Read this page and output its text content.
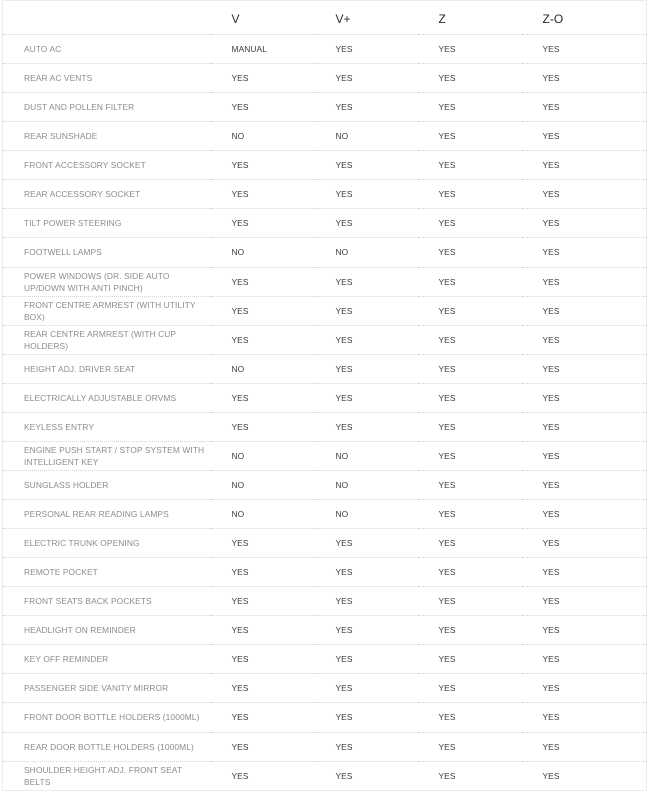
	V	V+	Z	Z-O
AUTO AC	MANUAL	YES	YES	YES
REAR AC VENTS	YES	YES	YES	YES
DUST AND POLLEN FILTER	YES	YES	YES	YES
REAR SUNSHADE	NO	NO	YES	YES
FRONT ACCESSORY SOCKET	YES	YES	YES	YES
REAR ACCESSORY SOCKET	YES	YES	YES	YES
TILT POWER STEERING	YES	YES	YES	YES
FOOTWELL LAMPS	NO	NO	YES	YES
POWER WINDOWS (DR. SIDE AUTO UP/DOWN WITH ANTI PINCH)	YES	YES	YES	YES
FRONT CENTRE ARMREST (WITH UTILITY BOX)	YES	YES	YES	YES
REAR CENTRE ARMREST (WITH CUP HOLDERS)	YES	YES	YES	YES
HEIGHT ADJ. DRIVER SEAT	NO	YES	YES	YES
ELECTRICALLY ADJUSTABLE ORVMS	YES	YES	YES	YES
KEYLESS ENTRY	YES	YES	YES	YES
ENGINE PUSH START / STOP SYSTEM WITH INTELLIGENT KEY	NO	NO	YES	YES
SUNGLASS HOLDER	NO	NO	YES	YES
PERSONAL REAR READING LAMPS	NO	NO	YES	YES
ELECTRIC TRUNK OPENING	YES	YES	YES	YES
REMOTE POCKET	YES	YES	YES	YES
FRONT SEATS BACK POCKETS	YES	YES	YES	YES
HEADLIGHT ON REMINDER	YES	YES	YES	YES
KEY OFF REMINDER	YES	YES	YES	YES
PASSENGER SIDE VANITY MIRROR	YES	YES	YES	YES
FRONT DOOR BOTTLE HOLDERS (1000ML)	YES	YES	YES	YES
REAR DOOR BOTTLE HOLDERS (1000ML)	YES	YES	YES	YES
SHOULDER HEIGHT ADJ. FRONT SEAT BELTS	YES	YES	YES	YES
